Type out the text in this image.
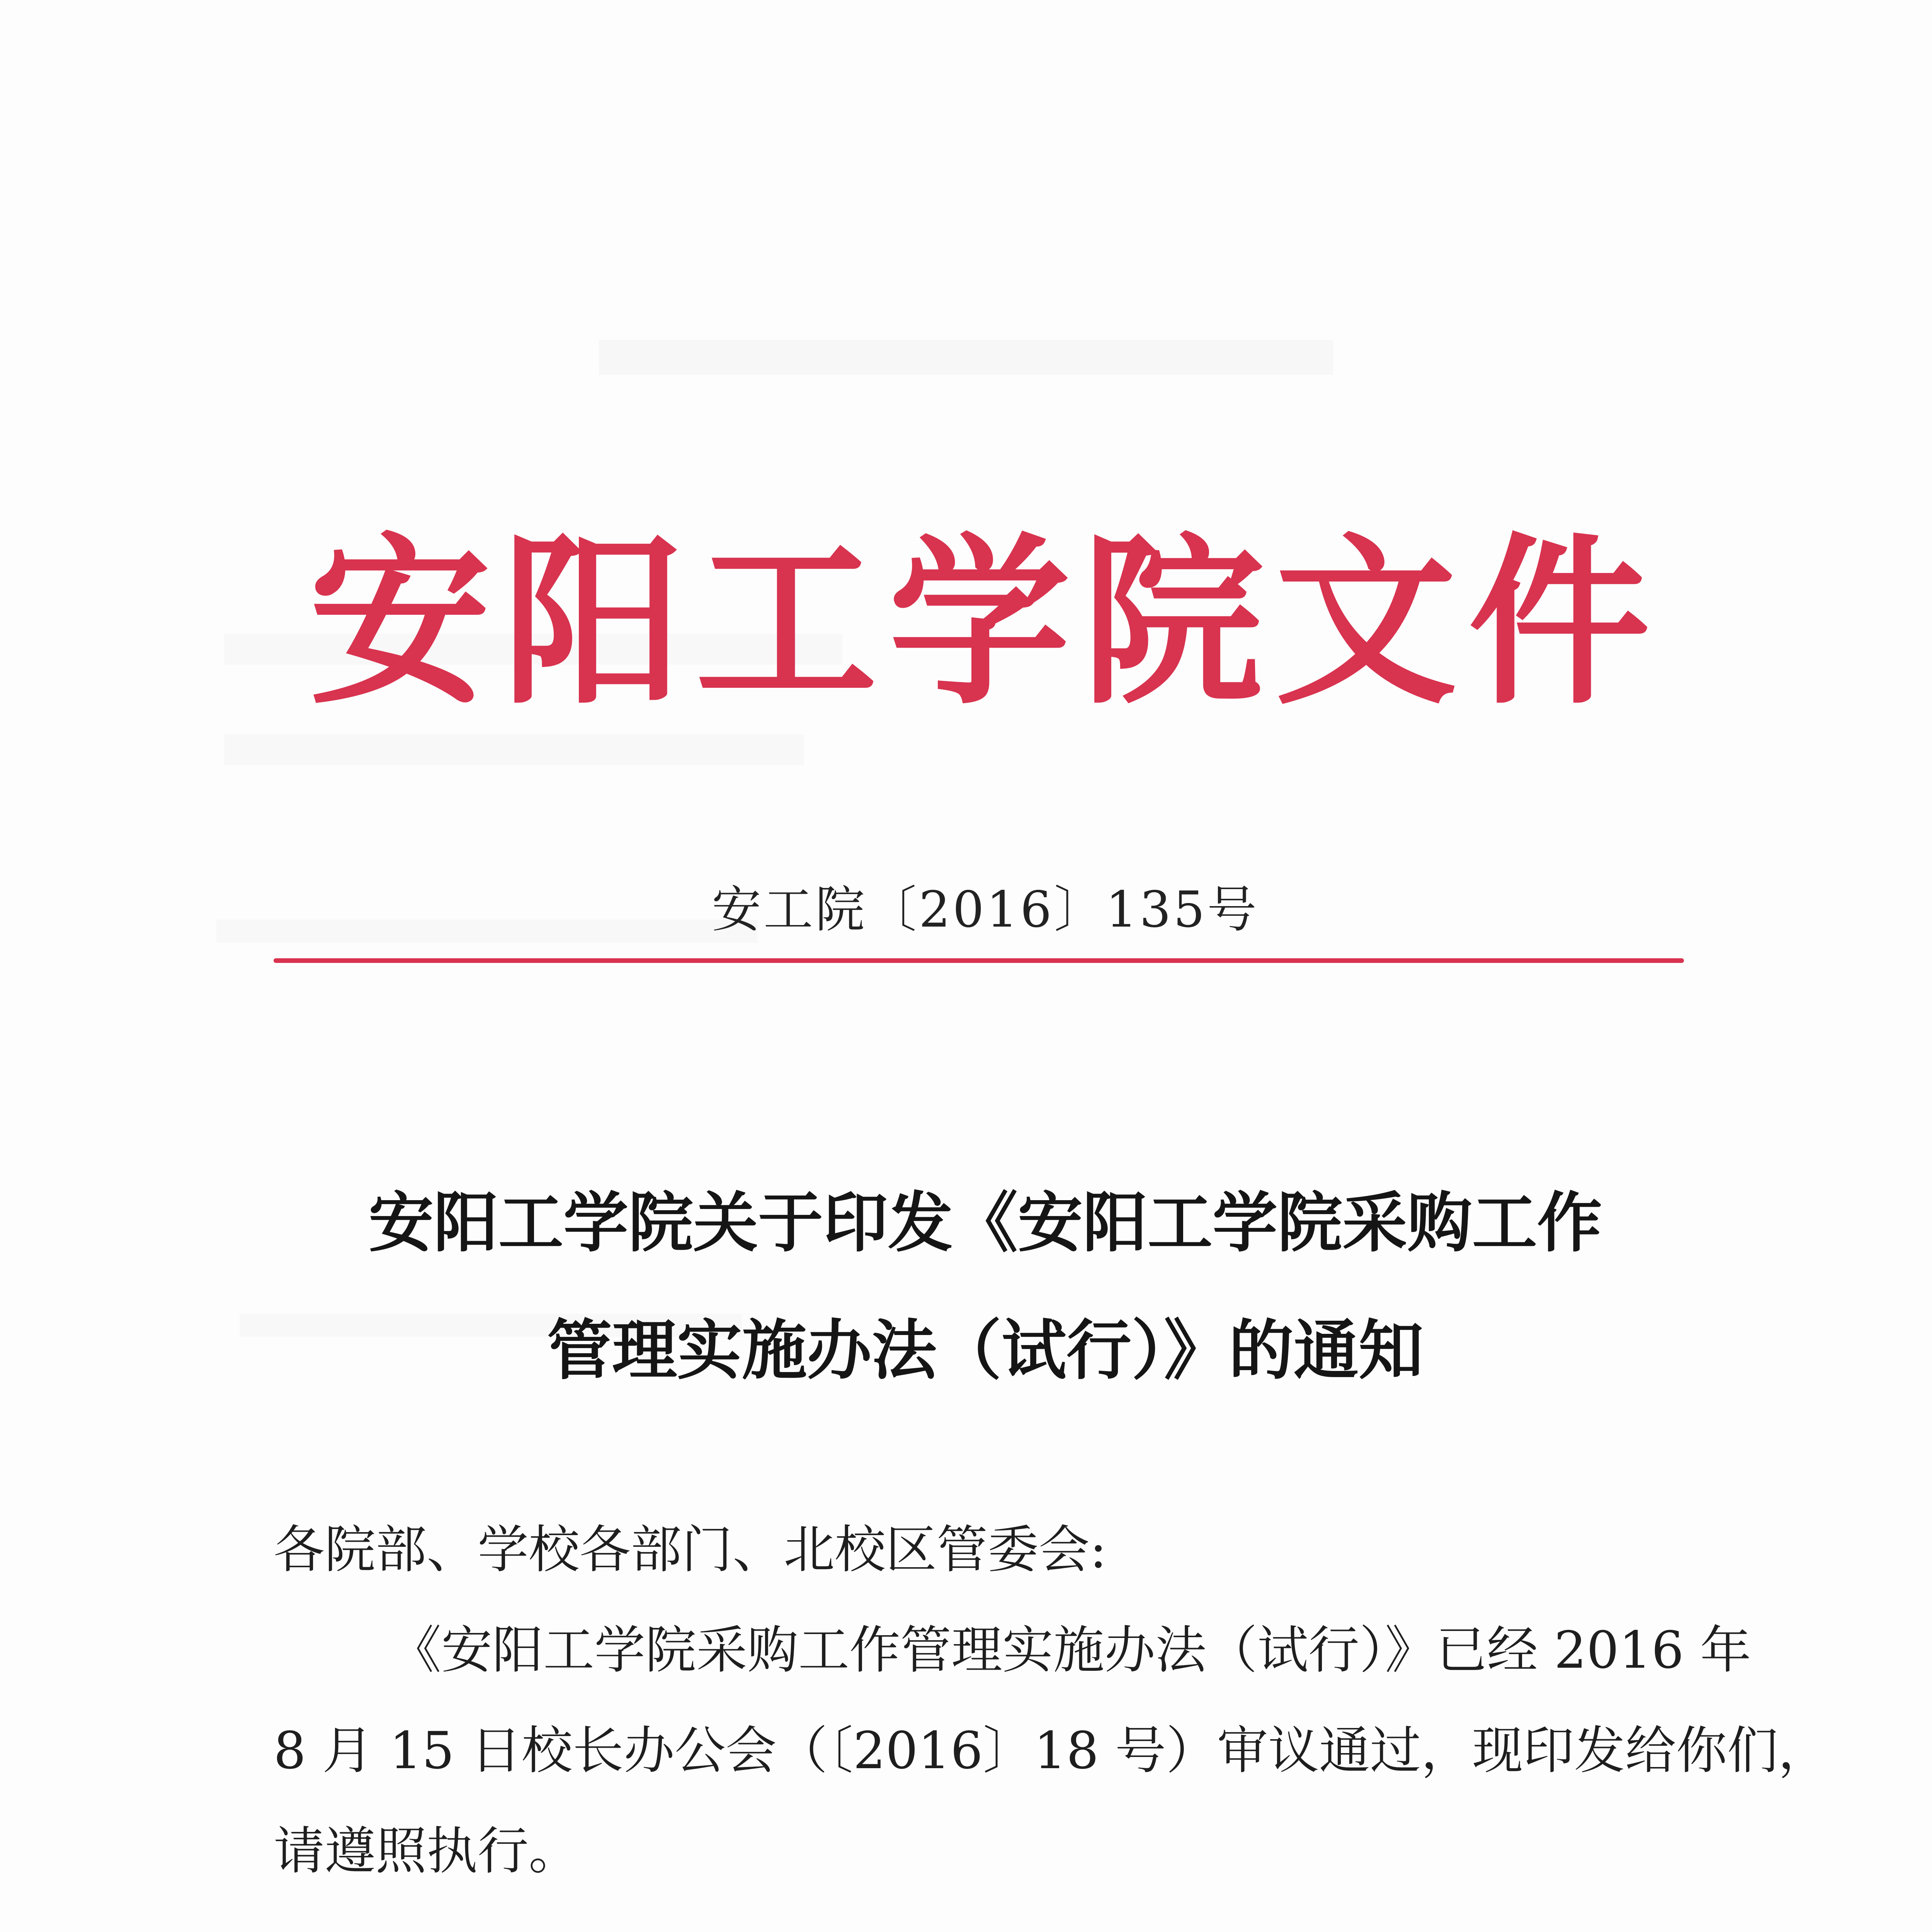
安阳工学院文件
安工院〔2016〕135号
安阳工学院关于印发《安阳工学院采购工作
管理实施办法（试行）》的通知
各院部、学校各部门、北校区管委会:
《安阳工学院采购工作管理实施办法（试行）》已经 2016 年
8 月 15 日校长办公会（〔2016〕18 号）审议通过，现印发给你们，
请遵照执行。
